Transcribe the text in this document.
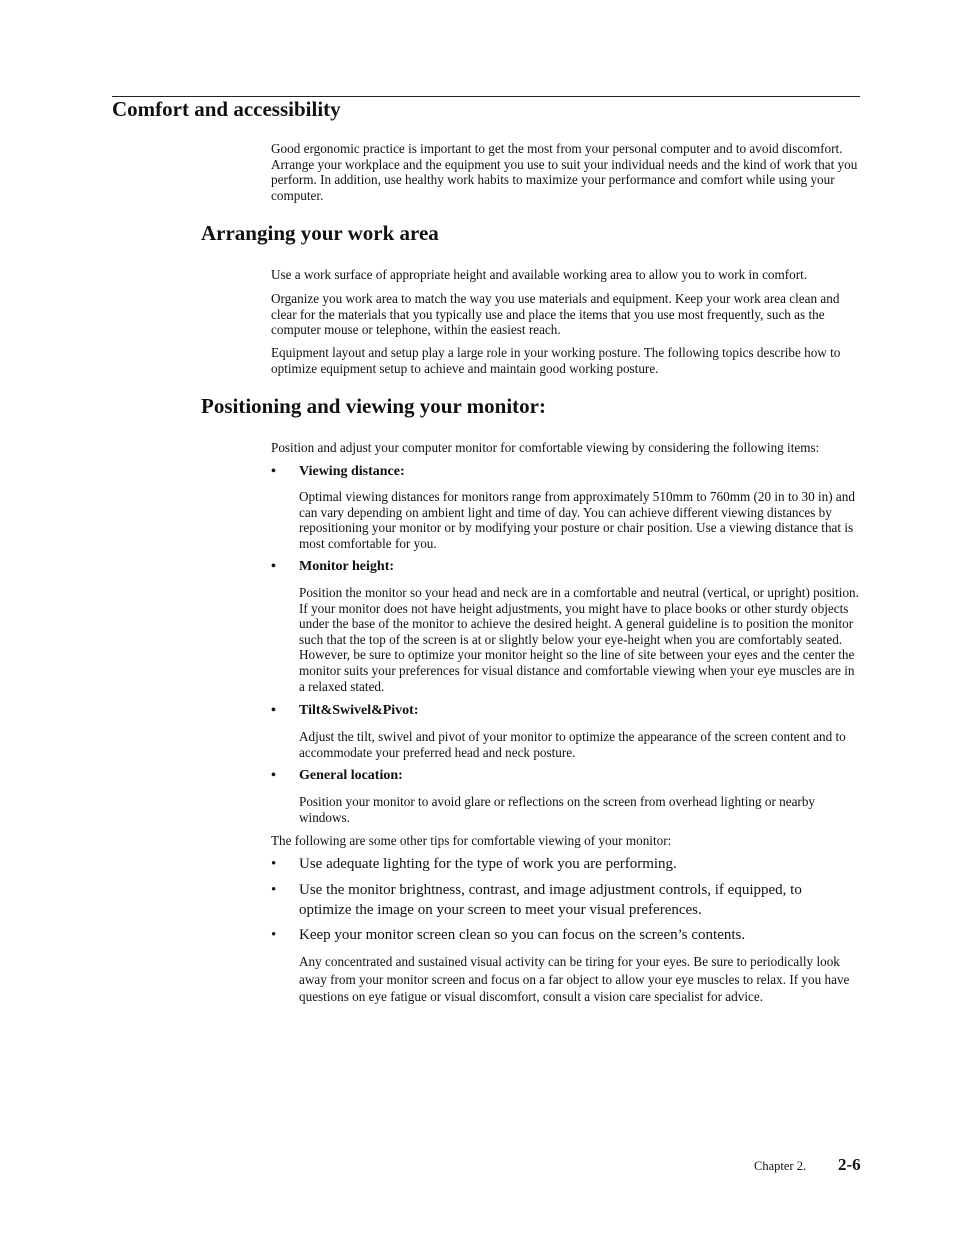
Comfort and accessibility

Good ergonomic practice is important to get the most from your personal computer and to avoid discomfort. Arrange your workplace and the equipment you use to suit your individual needs and the kind of work that you perform. In addition, use healthy work habits to maximize your performance and comfort while using your computer.

Arranging your work area

Use a work surface of appropriate height and available working area to allow you to work in comfort.

Organize you work area to match the way you use materials and equipment. Keep your work area clean and clear for the materials that you typically use and place the items that you use most frequently, such as the computer mouse or telephone, within the easiest reach.

Equipment layout and setup play a large role in your working posture. The following topics describe how to optimize equipment setup to achieve and maintain good working posture.

Positioning and viewing your monitor:

Position and adjust your computer monitor for comfortable viewing by considering the following items:

• Viewing distance:

Optimal viewing distances for monitors range from approximately 510mm to 760mm (20 in to 30 in) and can vary depending on ambient light and time of day. You can achieve different viewing distances by repositioning your monitor or by modifying your posture or chair position. Use a viewing distance that is most comfortable for you.

• Monitor height:

Position the monitor so your head and neck are in a comfortable and neutral (vertical, or upright) position. If your monitor does not have height adjustments, you might have to place books or other sturdy objects under the base of the monitor to achieve the desired height. A general guideline is to position the monitor such that the top of the screen is at or slightly below your eye-height when you are comfortably seated. However, be sure to optimize your monitor height so the line of site between your eyes and the center the monitor suits your preferences for visual distance and comfortable viewing when your eye muscles are in a relaxed stated.

• Tilt&Swivel&Pivot:

Adjust the tilt, swivel and pivot of your monitor to optimize the appearance of the screen content and to accommodate your preferred head and neck posture.

• General location:

Position your monitor to avoid glare or reflections on the screen from overhead lighting or nearby windows.

The following are some other tips for comfortable viewing of your monitor:

• Use adequate lighting for the type of work you are performing.
• Use the monitor brightness, contrast, and image adjustment controls, if equipped, to optimize the image on your screen to meet your visual preferences.
• Keep your monitor screen clean so you can focus on the screen’s contents.

Any concentrated and sustained visual activity can be tiring for your eyes. Be sure to periodically look away from your monitor screen and focus on a far object to allow your eye muscles to relax. If you have questions on eye fatigue or visual discomfort, consult a vision care specialist for advice.

Chapter 2. 2-6
